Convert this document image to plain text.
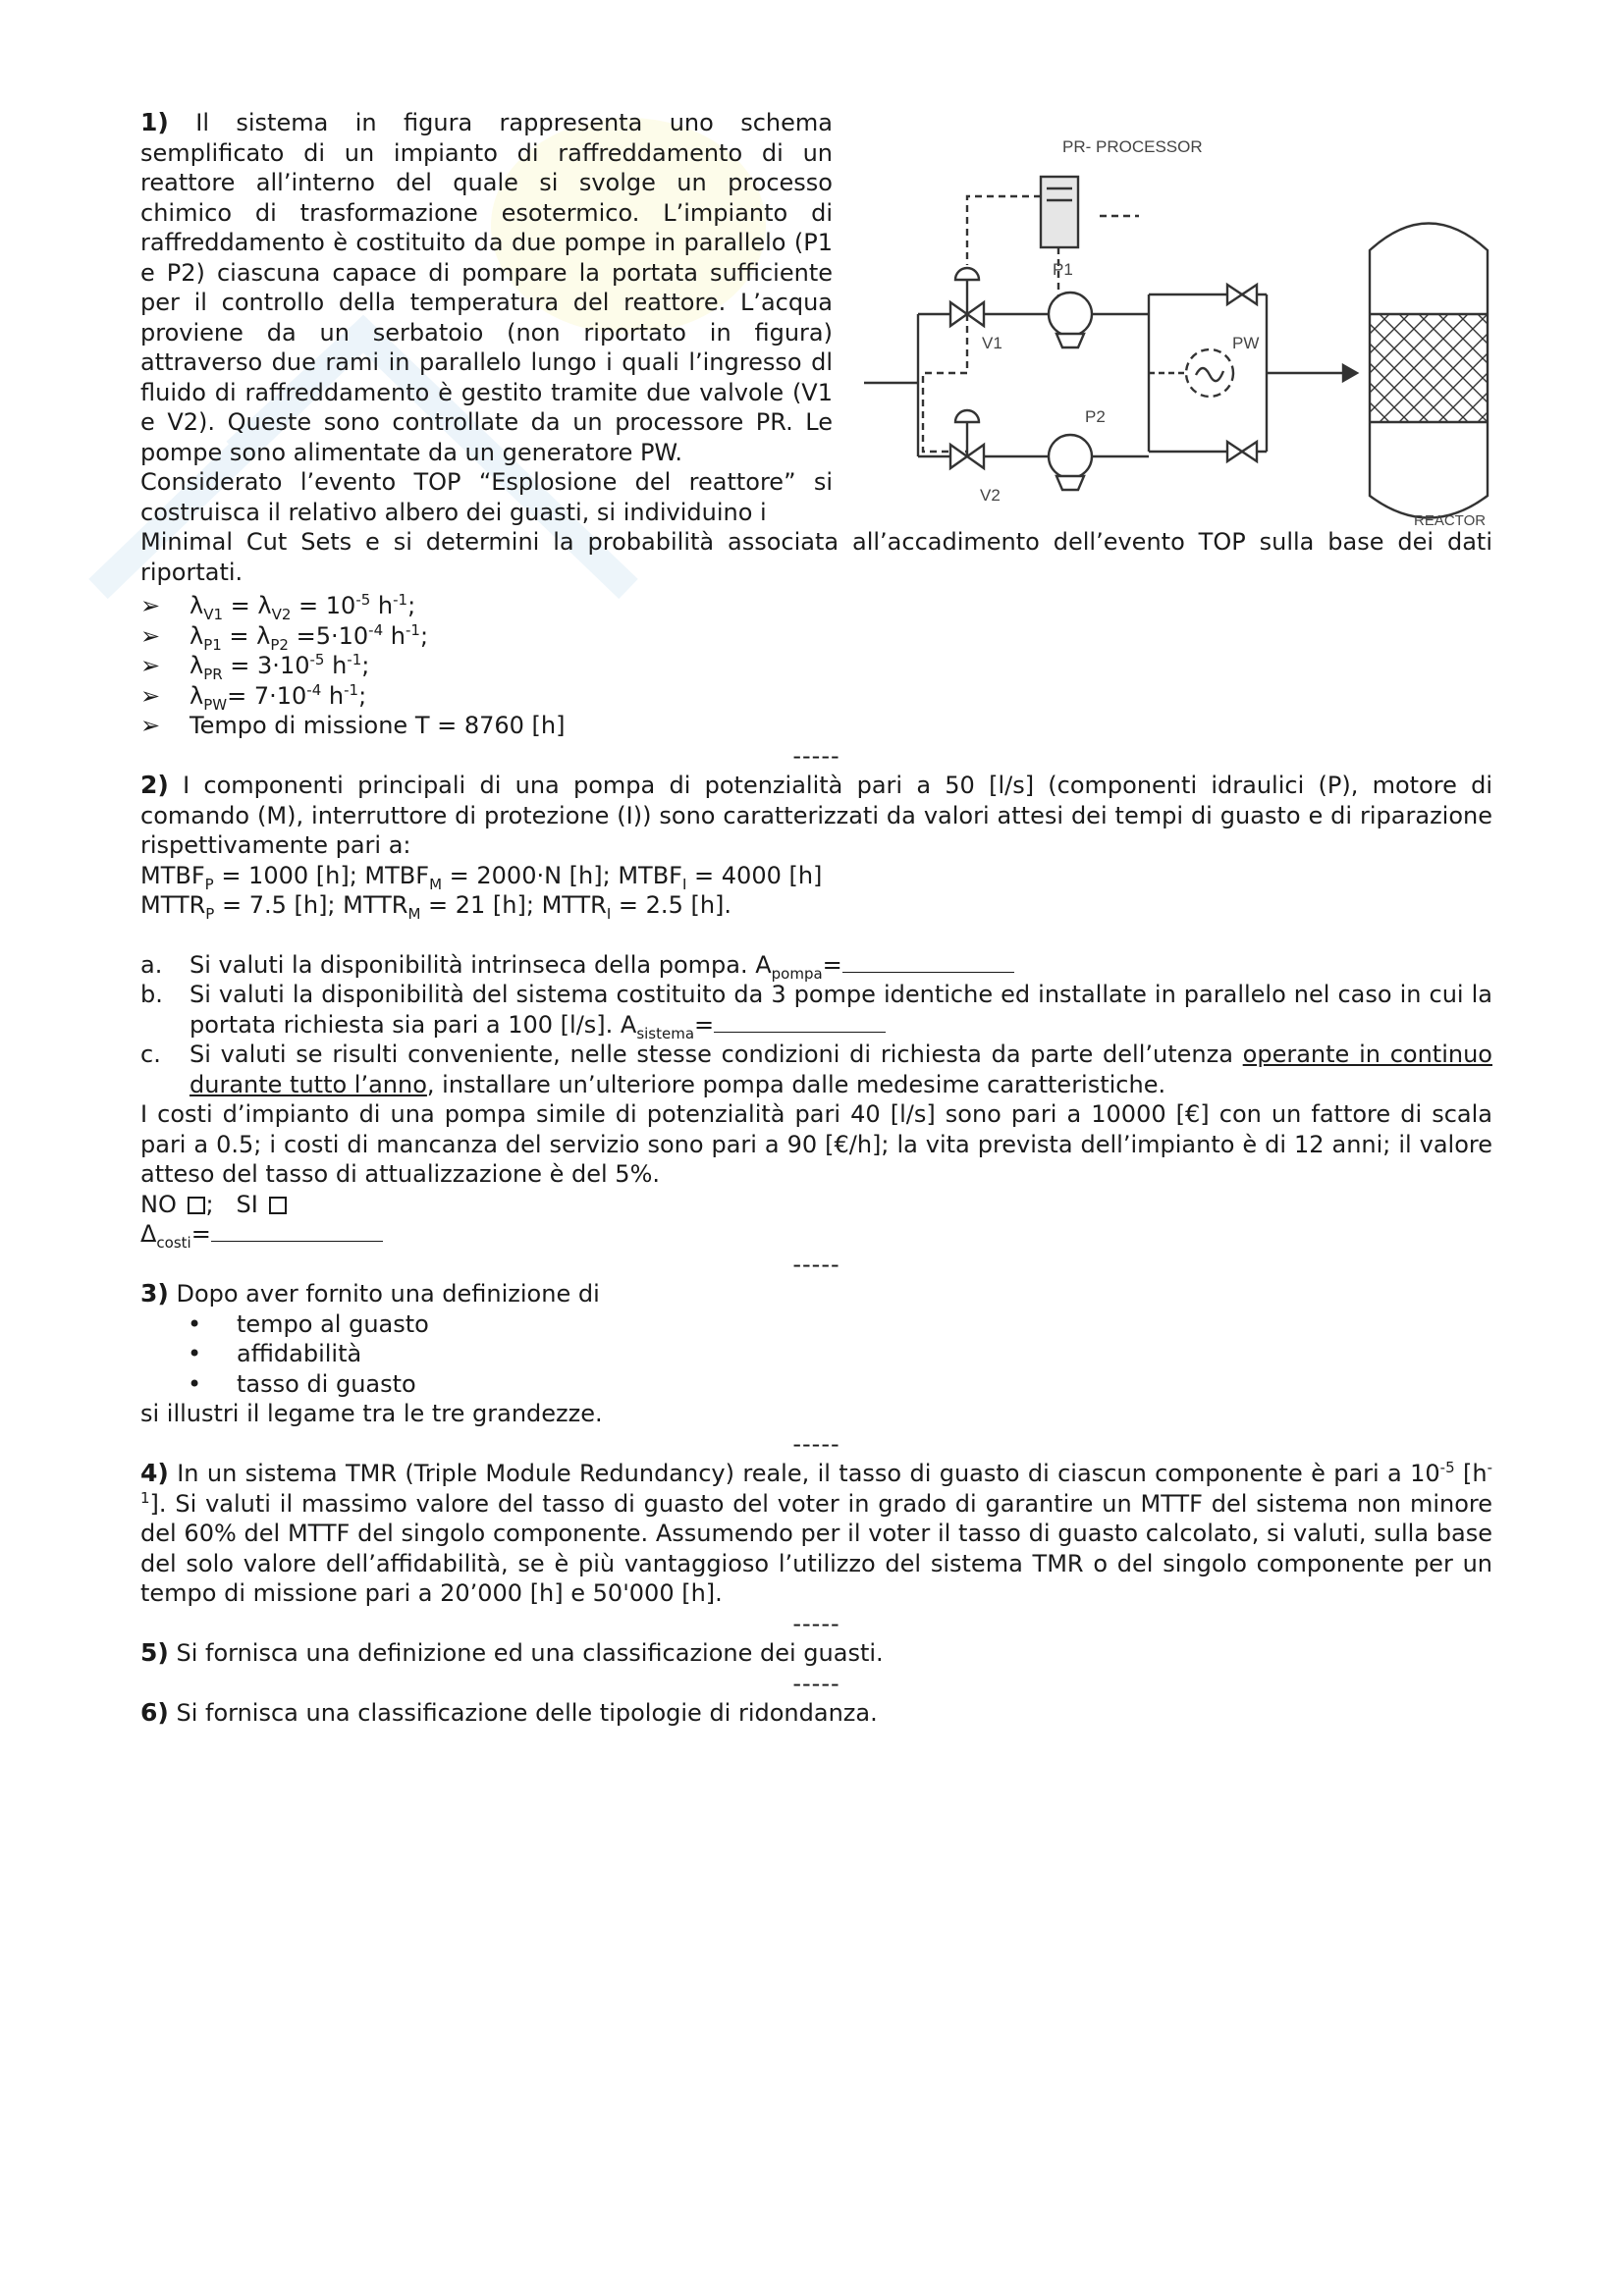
PR- PROCESSOR
P1
V1	PW
P2
V2
REACTOR

1) Il sistema in figura rappresenta uno schema semplificato di un impianto di raffreddamento di un reattore all’interno del quale si svolge un processo chimico di trasformazione esotermico. L’impianto di raffreddamento è costituito da due pompe in parallelo (P1 e P2) ciascuna capace di pompare la portata sufficiente per il controllo della temperatura del reattore. L’acqua proviene da un serbatoio (non riportato in figura) attraverso due rami in parallelo lungo i quali l’ingresso dl fluido di raffreddamento è gestito tramite due valvole (V1 e V2). Queste sono controllate da un processore PR. Le pompe sono alimentate da un generatore PW.

Considerato l’evento TOP “Esplosione del reattore” si costruisca il relativo albero dei guasti, si individuino i

Minimal Cut Sets e si determini la probabilità associata all’accadimento dell’evento TOP sulla base dei dati riportati.

➢ $\lambda_{V1} = \lambda_{V2} = 10^{-5}$ $h^{-1}$;
➢ $\lambda_{P1} = \lambda_{P2} =5\cdot 10^{-4}$ $h^{-1}$;
➢ $\lambda_{PR} = 3\cdot 10^{-5}$ $h^{-1}$;
➢ $\lambda_{PW}= 7\cdot 10^{-4}$ $h^{-1}$;
➢ Tempo di missione T = 8760 [h]

-----

2) I componenti principali di una pompa di potenzialità pari a 50 [l/s] (componenti idraulici (P), motore di comando (M), interruttore di protezione (I)) sono caratterizzati da valori attesi dei tempi di guasto e di riparazione rispettivamente pari a:

$MTBF_P = 1000$ [h]; $MTBF_M = 2000\cdot N$ [h]; $MTBF_I = 4000$ [h]

$MTTR_P = 7.5$ [h]; $MTTR_M = 21$ [h]; $MTTR_I = 2.5$ [h].

a. Si valuti la disponibilità intrinseca della pompa. $A_{pompa}=$
b. Si valuti la disponibilità del sistema costituito da 3 pompe identiche ed installate in parallelo nel caso in cui la portata richiesta sia pari a 100 [l/s]. $A_{sistema}=$
c. Si valuti se risulti conveniente, nelle stesse condizioni di richiesta da parte dell’utenza operante in continuo durante tutto l’anno, installare un’ulteriore pompa dalle medesime caratteristiche.

I costi d’impianto di una pompa simile di potenzialità pari 40 [l/s] sono pari a 10000 [€] con un fattore di scala pari a 0.5; i costi di mancanza del servizio sono pari a 90 [€/h]; la vita prevista dell’impianto è di 12 anni; il valore atteso del tasso di attualizzazione è del 5%.

NO ; SI

$\Delta_{costi}=$

-----

3) Dopo aver fornito una definizione di

• tempo al guasto
• affidabilità
• tasso di guasto

si illustri il legame tra le tre grandezze.

-----

4) In un sistema TMR (Triple Module Redundancy) reale, il tasso di guasto di ciascun componente è pari a $10^{-5}$ $[h^{-1}]$. Si valuti il massimo valore del tasso di guasto del voter in grado di garantire un MTTF del sistema non minore del 60% del MTTF del singolo componente. Assumendo per il voter il tasso di guasto calcolato, si valuti, sulla base del solo valore dell’affidabilità, se è più vantaggioso l’utilizzo del sistema TMR o del singolo componente per un tempo di missione pari a 20’000 [h] e 50'000 [h].

-----

5) Si fornisca una definizione ed una classificazione dei guasti.

-----

6) Si fornisca una classificazione delle tipologie di ridondanza.
